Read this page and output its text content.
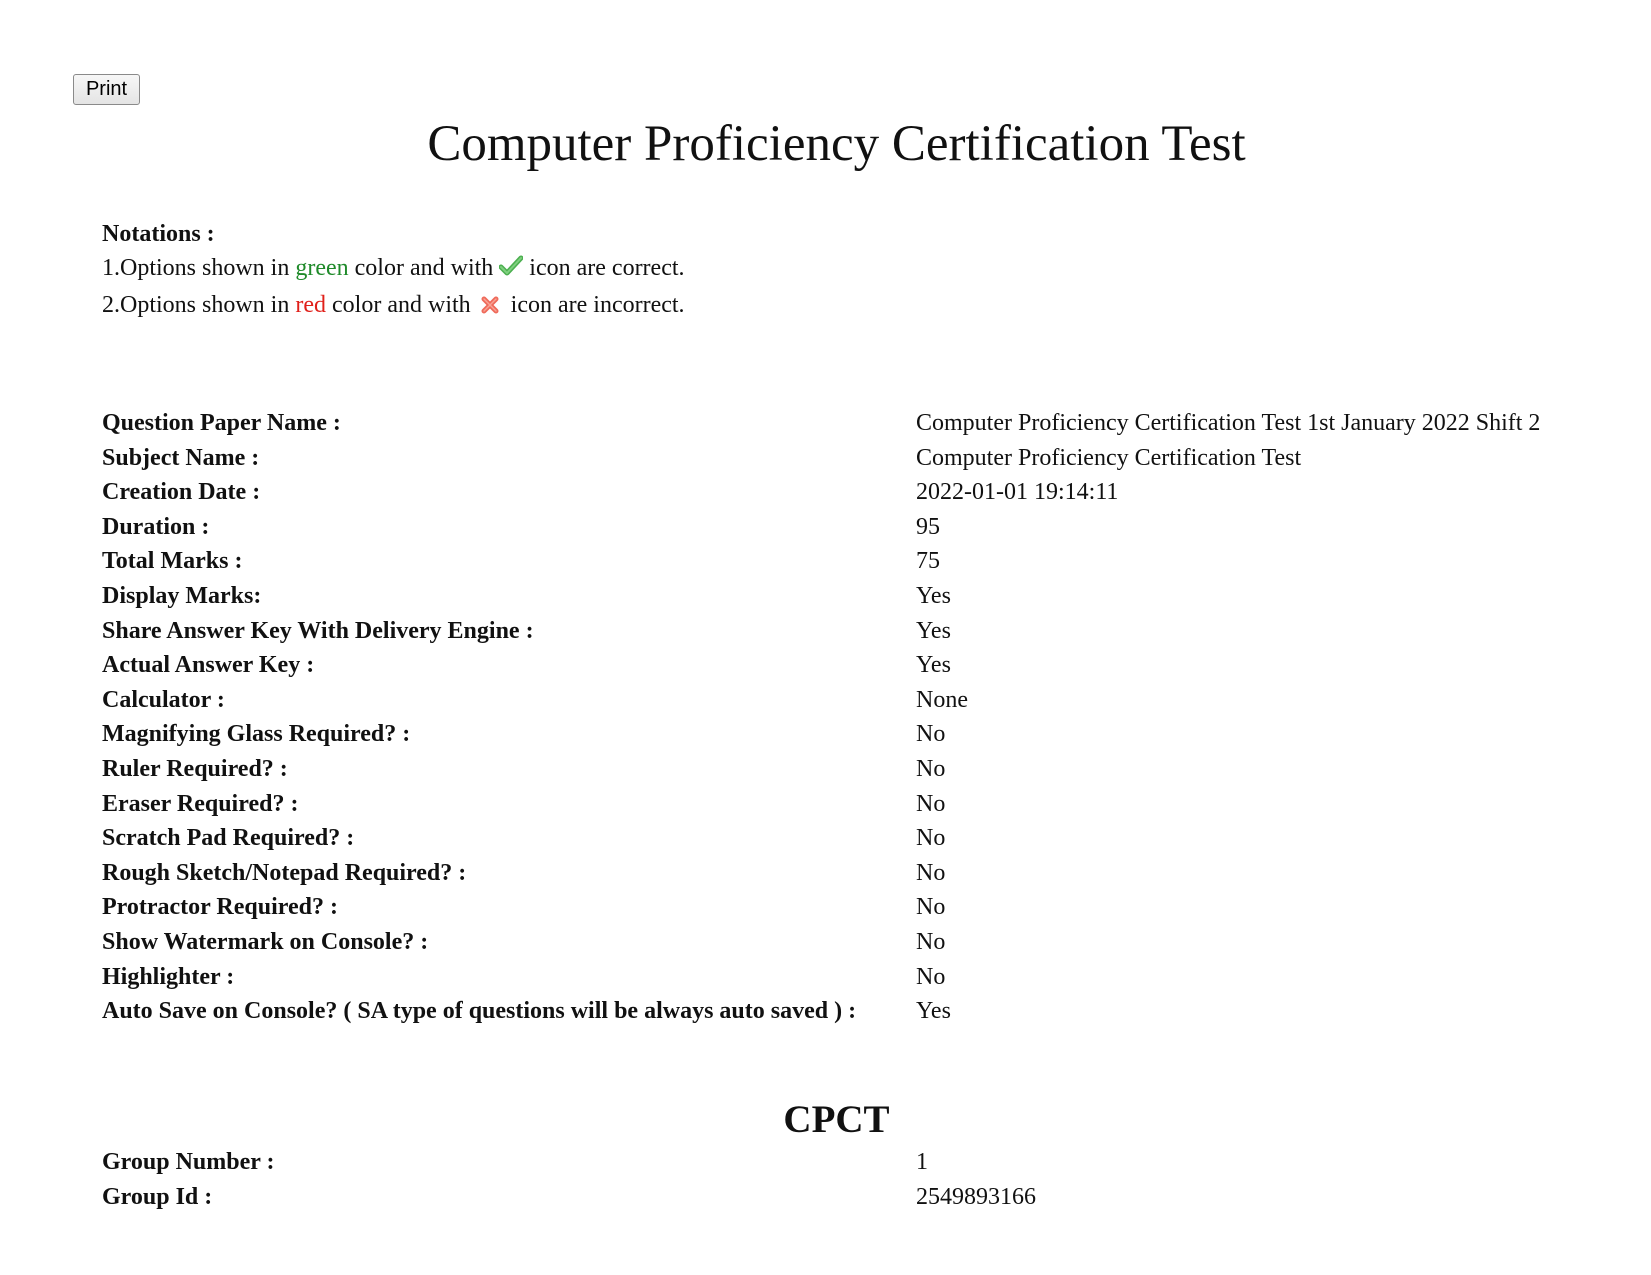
Print
Computer Proficiency Certification Test
Notations :
1.Options shown in green color and with  icon are correct.
2.Options shown in red color and with  icon are incorrect.
Question Paper Name :	Computer Proficiency Certification Test 1st January 2022 Shift 2
Subject Name :	Computer Proficiency Certification Test
Creation Date :	2022-01-01 19:14:11
Duration :	95
Total Marks :	75
Display Marks:	Yes
Share Answer Key With Delivery Engine :	Yes
Actual Answer Key :	Yes
Calculator :	None
Magnifying Glass Required? :	No
Ruler Required? :	No
Eraser Required? :	No
Scratch Pad Required? :	No
Rough Sketch/Notepad Required? :	No
Protractor Required? :	No
Show Watermark on Console? :	No
Highlighter :	No
Auto Save on Console? ( SA type of questions will be always auto saved ) :	Yes
CPCT
Group Number :	1
Group Id :	2549893166
